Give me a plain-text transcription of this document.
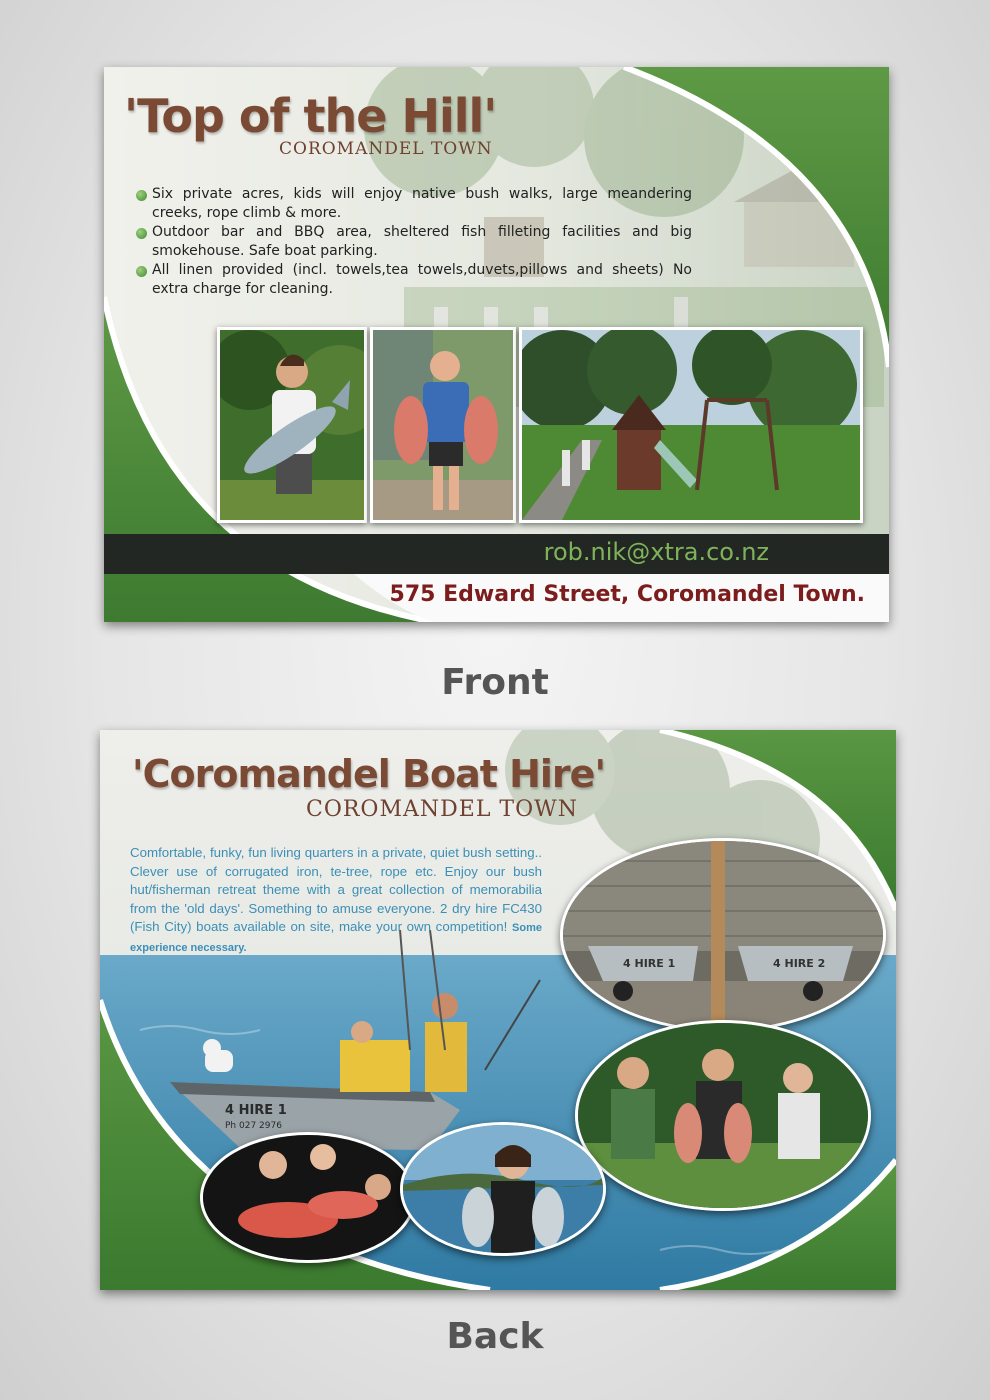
'Top of the Hill'
COROMANDEL TOWN
Six private acres, kids will enjoy native bush walks, large meandering creeks, rope climb & more.
Outdoor bar and BBQ area, sheltered fish filleting facilities and big smokehouse. Safe boat parking.
All linen provided (incl. towels,tea towels,duvets,pillows and sheets) No extra charge for cleaning.
rob.nik@xtra.co.nz
575 Edward Street, Coromandel Town.
Front
4 HIRE 1
Ph 027 2976
'Coromandel Boat Hire'
COROMANDEL TOWN

Comfortable, funky, fun living quarters in a private, quiet bush setting.. Clever use of corrugated iron, te-tree, rope etc. Enjoy our bush hut/fisherman retreat theme with a great collection of memorabilia from the 'old days'. Something to amuse everyone. 2 dry hire FC430 (Fish City) boats available on site, make your own competition! Some experience necessary.

4 HIRE 1	4 HIRE 2
Back
